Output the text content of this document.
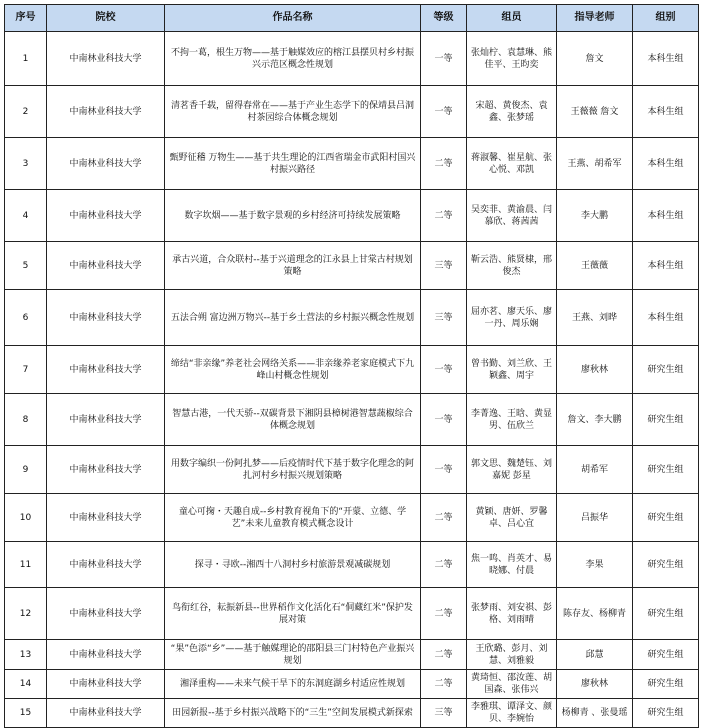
序号	院校	作品名称	等级	组员	指导老师	组别
1	中南林业科技大学	不拘一葛，根生万物——基于触媒效应的榕江县摆贝村乡村振兴示范区概念性规划	一等	张灿柠、袁慧琳、熊佳平、王昀奕	詹文	本科生组
2	中南林业科技大学	清茗香千载，留得春常在——基于产业生态学下的保靖县吕洞村茶园综合体概念规划	一等	宋超、黄俊杰、袁鑫、张梦瑶	王薇薇 詹文	本科生组
3	中南林业科技大学	甄野征稽 万物生——基于共生理论的江西省瑞金市武阳村国兴村振兴路径	二等	蒋淑馨、崔星航、张心悦、邓凯	王燕、胡希军	本科生组
4	中南林业科技大学	数字坎烟——基于数字景观的乡村经济可持续发展策略	二等	吴奕菲、黄渝晨、闫慕欣、蒋茜茜	李大鹏	本科生组
5	中南林业科技大学	承古兴道，合众联村--基于兴道理念的江永县上甘棠古村规划策略	三等	靳云浩、熊贤棣，邢俊杰	王薇薇	本科生组
6	中南林业科技大学	五法合朔 富边洲万物兴--基于乡土营法的乡村振兴概念性规划	三等	屈亦茗、廖天乐、廖一丹、周乐娴	王燕、刘晔	本科生组
7	中南林业科技大学	缔结“非亲缘”养老社会网络关系——非亲缘养老家庭模式下九峰山村概念性规划	一等	曾书勤、刘兰欣、王颖鑫、周宇	廖秋林	研究生组
8	中南林业科技大学	智慧古港，一代天骄--双碳背景下湘阴县樟树港智慧蔬椒综合体概念规划	一等	李菁逸、王晗、黄显男、伍欣兰	詹文、李大鹏	研究生组
9	中南林业科技大学	用数字编织一份阿扎梦——后疫情时代下基于数字化理念的阿扎河村乡村振兴规划策略	一等	郭文思、魏楚钰、刘嘉妮 彭星	胡希军	研究生组
10	中南林业科技大学	童心可掬・天趣自成--乡村教育视角下的“开蒙、立德、学艺”未来儿童教育模式概念设计	二等	黄颖、唐妍、罗馨卓、吕心宜	吕振华	研究生组
11	中南林业科技大学	探寻・寻欧--湘西十八洞村乡村旅游景观减碳规划	二等	焦一鸣、肖英才、易晓娜、付晨	李果	研究生组
12	中南林业科技大学	鸟衔红谷，耘振新县--世界稻作文化活化石“侗藏红米”保护发展对策	二等	张梦雨、刘安祺、彭格、刘雨晴	陈存友、杨柳青	研究生组
13	中南林业科技大学	“果”色添“乡”——基于触媒理论的邵阳县三门村特色产业振兴规划	二等	王欣璐、彭月、刘慧、刘雅毅	邱慧	研究生组
14	中南林业科技大学	湘泽重构——未来气候干旱下的东洞庭湖乡村适应性规划	二等	黄琦恒、邵汝莲、胡国森、张伟兴	廖秋林	研究生组
15	中南林业科技大学	田园新报--基于乡村振兴战略下的“三生”空间发展模式新探索	三等	李雅琪、谭泽文、颜贝、李婉怡	杨柳青 、张曼瑶	研究生组
